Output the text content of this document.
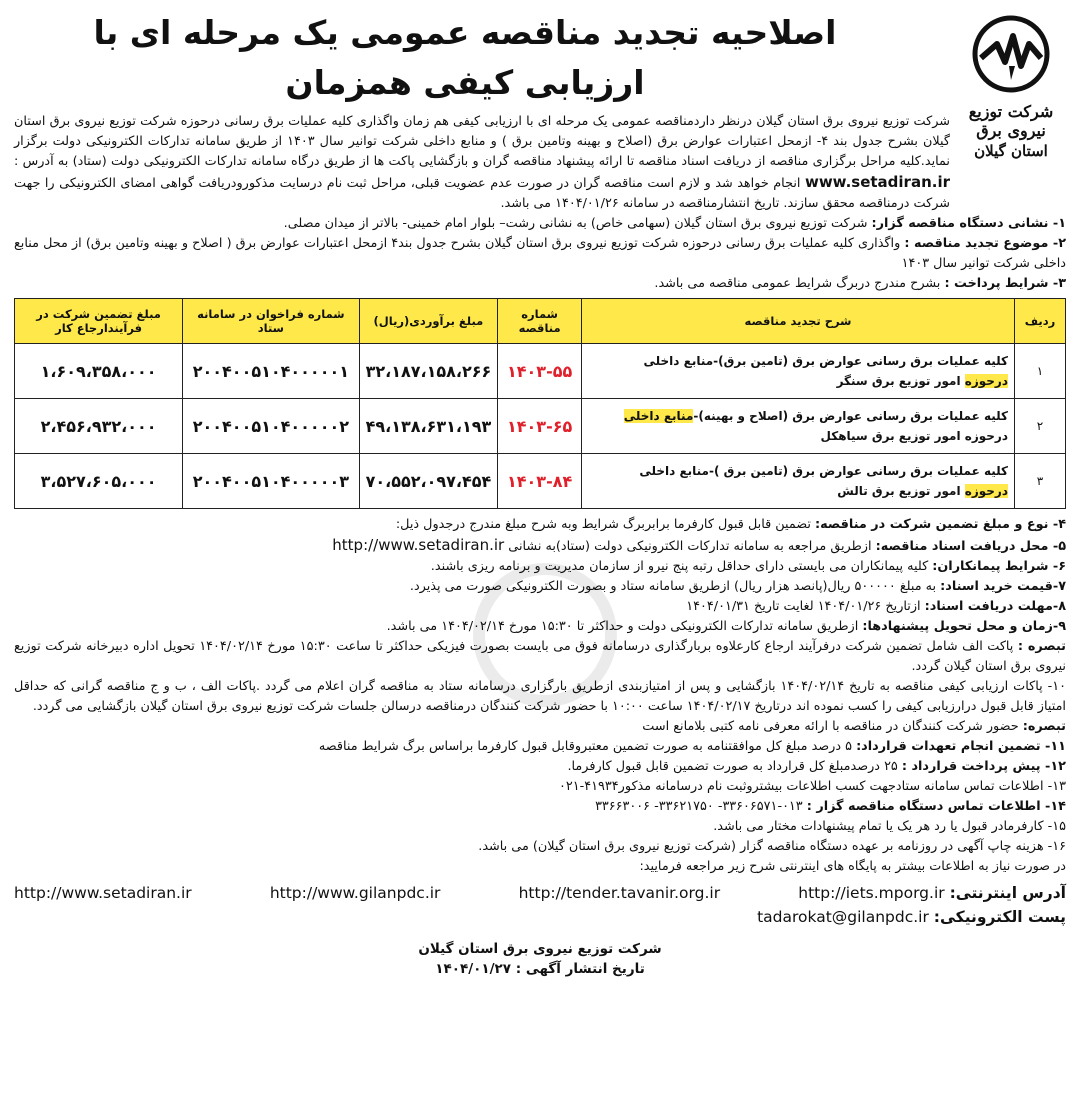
شرکت توزیع نیروی برق
استان گیلان
اصلاحیه تجدید مناقصه عمومی یک مرحله ای با ارزیابی کیفی همزمان
شرکت توزیع نیروی برق استان گیلان درنظر داردمناقصه عمومی یک مرحله ای با ارزیابی کیفی هم زمان واگذاری کلیه عملیات برق رسانی درحوزه شرکت توزیع نیروی برق استان گیلان بشرح جدول بند ۴- ازمحل اعتبارات عوارض برق (اصلاح و بهینه وتامین برق ) و منابع داخلی شرکت توانیر سال ۱۴۰۳ از طریق سامانه تدارکات الکترونیکی دولت برگزار نماید.کلیه مراحل برگزاری مناقصه از دریافت اسناد مناقصه تا ارائه پیشنهاد مناقصه گران و بازگشایی پاکت ها از طریق درگاه سامانه تدارکات الکترونیکی دولت (ستاد) به آدرس : www.setadiran.ir انجام خواهد شد و لازم است مناقصه گران در صورت عدم عضویت قبلی، مراحل ثبت نام درسایت مذکورودریافت گواهی امضای الکترونیکی را جهت شرکت درمناقصه محقق سازند. تاریخ انتشارمناقصه در سامانه ۱۴۰۴/۰۱/۲۶ می باشد.

۱- نشانی دستگاه مناقصه گزار: شرکت توزیع نیروی برق استان گیلان (سهامی خاص) به نشانی رشت– بلوار امام خمینی- بالاتر از میدان مصلی.

۲- موضوع تجدید مناقصه : واگذاری کلیه عملیات برق رسانی درحوزه شرکت توزیع نیروی برق استان گیلان بشرح جدول بند۴ ازمحل اعتبارات عوارض برق ( اصلاح و بهینه وتامین برق) از محل منابع داخلی شرکت توانیر سال ۱۴۰۳

۳- شرایط پرداخت : بشرح مندرج دربرگ شرایط عمومی مناقصه می باشد.

ردیف	شرح تجدید مناقصه	شماره مناقصه	مبلغ برآوردی(ریال)	شماره فراخوان در سامانه ستاد	مبلغ تضمین شرکت در فرآیندارجاع کار
۱	کلیه عملیات برق رسانی عوارض برق (تامین برق)-منابع داخلی
درحوزه امور توزیع برق سنگر	۱۴۰۳-۵۵	۳۲،۱۸۷،۱۵۸،۲۶۶	۲۰۰۴۰۰۵۱۰۴۰۰۰۰۰۱	۱،۶۰۹،۳۵۸،۰۰۰
۲	کلیه عملیات برق رسانی عوارض برق (اصلاح و بهینه)-منابع داخلی
درحوزه امور توزیع برق سیاهکل	۱۴۰۳-۶۵	۴۹،۱۳۸،۶۳۱،۱۹۳	۲۰۰۴۰۰۵۱۰۴۰۰۰۰۰۲	۲،۴۵۶،۹۳۲،۰۰۰
۳	کلیه عملیات برق رسانی عوارض برق (تامین برق )-منابع داخلی
درحوزه امور توزیع برق تالش	۱۴۰۳-۸۴	۷۰،۵۵۲،۰۹۷،۴۵۴	۲۰۰۴۰۰۵۱۰۴۰۰۰۰۰۳	۳،۵۲۷،۶۰۵،۰۰۰

۴- نوع و مبلغ تضمین شرکت در مناقصه: تضمین قابل قبول کارفرما برابربرگ شرایط وبه شرح مبلغ مندرج درجدول ذیل:

۵- محل دریافت اسناد مناقصه: ازطریق مراجعه به سامانه تدارکات الکترونیکی دولت (ستاد)به نشانی http://www.setadiran.ir

۶- شرایط پیمانکاران: کلیه پیمانکاران می بایستی دارای حداقل رتبه پنج نیرو از سازمان مدیریت و برنامه ریزی باشند.

۷-قیمت خرید اسناد: به مبلغ ۵۰۰۰۰۰ ریال(پانصد هزار ریال) ازطریق سامانه ستاد و بصورت الکترونیکی صورت می پذیرد.

۸-مهلت دریافت اسناد: ازتاریخ ۱۴۰۴/۰۱/۲۶ لغایت تاریخ ۱۴۰۴/۰۱/۳۱

۹-زمان و محل تحویل پیشنهادها: ازطریق سامانه تدارکات الکترونیکی دولت و حداکثر تا ۱۵:۳۰ مورخ ۱۴۰۴/۰۲/۱۴ می باشد.

تبصره : پاکت الف شامل تضمین شرکت درفرآیند ارجاع کارعلاوه بربارگذاری درسامانه فوق می بایست بصورت فیزیکی حداکثر تا ساعت ۱۵:۳۰ مورخ ۱۴۰۴/۰۲/۱۴ تحویل اداره دبیرخانه شرکت توزیع نیروی برق استان گیلان گردد.

۱۰- پاکات ارزیابی کیفی مناقصه به تاریخ ۱۴۰۴/۰۲/۱۴ بازگشایی و پس از امتیازبندی ازطریق بارگزاری درسامانه ستاد به مناقصه گران اعلام می گردد .پاکات الف ، ب و ج مناقصه گرانی که حداقل امتیاز قابل قبول درارزیابی کیفی را کسب نموده اند درتاریخ ۱۴۰۴/۰۲/۱۷ ساعت ۱۰:۰۰ با حضور شرکت کنندگان درمناقصه درسالن جلسات شرکت توزیع نیروی برق استان گیلان بازگشایی می گردد.

تبصره: حضور شرکت کنندگان در مناقصه با ارائه معرفی نامه کتبی بلامانع است

۱۱- تضمین انجام تعهدات قرارداد: ۵ درصد مبلغ کل موافقتنامه به صورت تضمین معتبروقابل قبول کارفرما براساس برگ شرایط مناقصه

۱۲- پیش پرداخت قرارداد : ۲۵ درصدمبلغ کل قرارداد به صورت تضمین قابل قبول کارفرما.

۱۳- اطلاعات تماس سامانه ستادجهت کسب اطلاعات بیشتروثبت نام درسامانه مذکور۴۱۹۳۴-۰۲۱

۱۴- اطلاعات تماس دستگاه مناقصه گزار : ۰۱۳-۳۳۶۰۶۵۷۱- ۳۳۶۲۱۷۵۰- ۳۳۶۶۳۰۰۶

۱۵- کارفرمادر قبول یا رد هر یک یا تمام پیشنهادات مختار می باشد.

۱۶- هزینه چاپ آگهی در روزنامه بر عهده دستگاه مناقصه گزار (شرکت توزیع نیروی برق استان گیلان) می باشد.

در صورت نیاز به اطلاعات بیشتر به پایگاه های اینترنتی شرح زیر مراجعه فرمایید:

آدرس اینترنتی: http://iets.mporg.ir
http://tender.tavanir.org.ir
http://www.gilanpdc.ir
http://www.setadiran.ir
پست الکترونیکی: tadarokat@gilanpdc.ir
شرکت توزیع نیروی برق استان گیلان
تاریخ انتشار آگهی : ۱۴۰۴/۰۱/۲۷
